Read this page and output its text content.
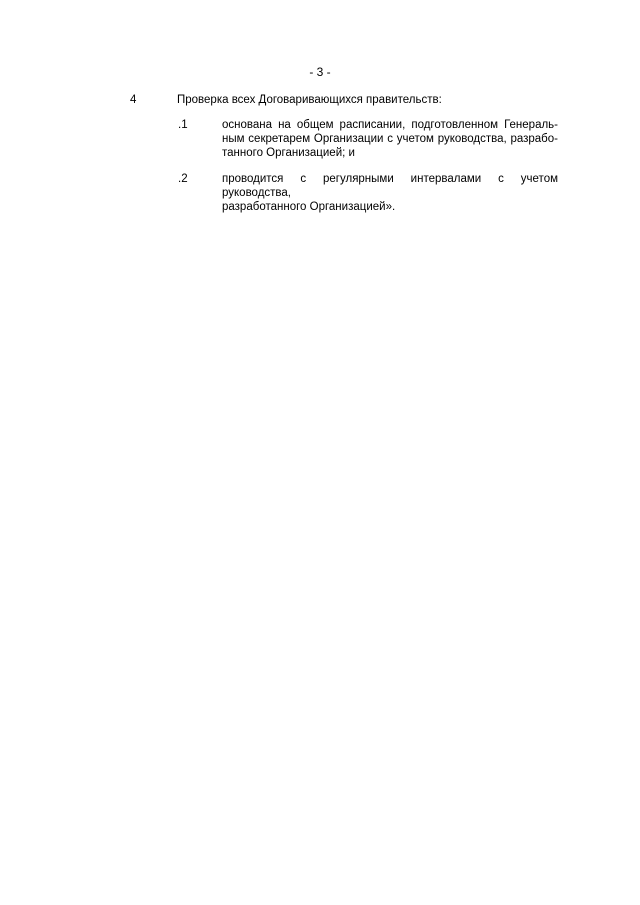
- 3 -
4	Проверка всех Договаривающихся правительств:
.1	основана на общем расписании, подготовленном Генераль-
ным секретарем Организации с учетом руководства, разрабо-
танного Организацией; и
.2	проводится с регулярными интервалами с учетом руководства,
разработанного Организацией».
